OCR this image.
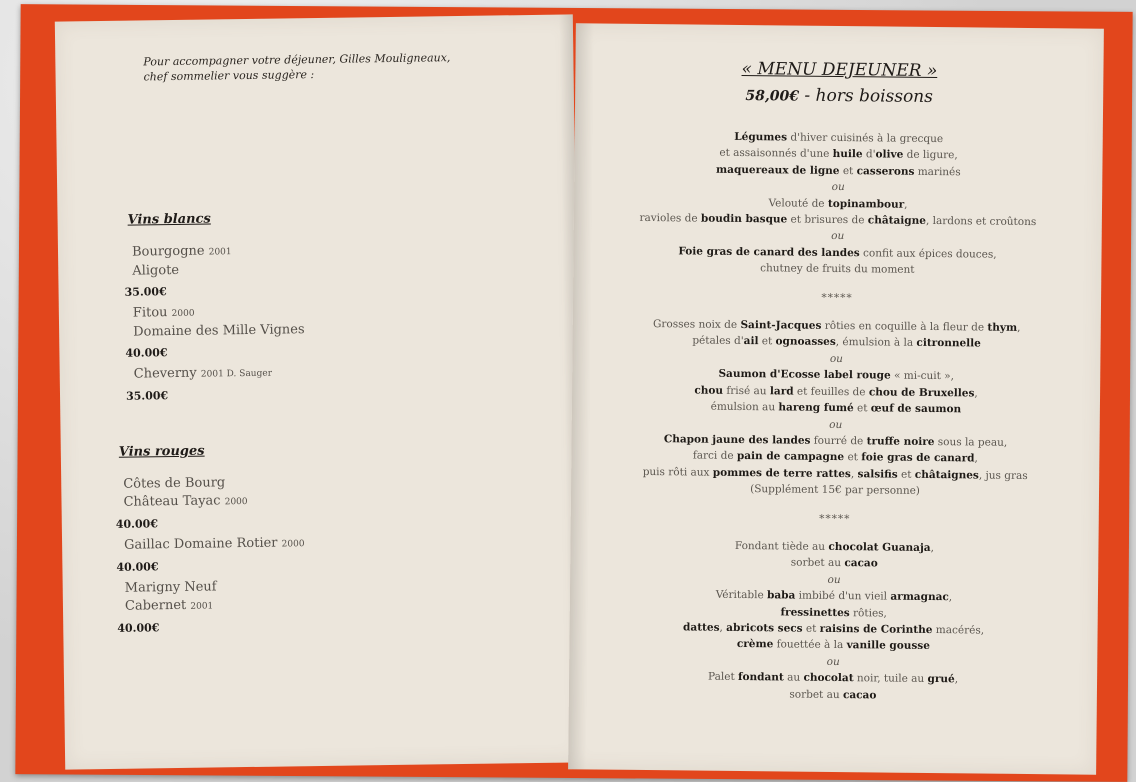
Pour accompagner votre déjeuner, Gilles Mouligneaux,
chef sommelier vous suggère :
Vins blancs
Bourgogne 2001
Aligote
35.00€
Fitou 2000
Domaine des Mille Vignes
40.00€
Cheverny 2001 D. Sauger
35.00€
Vins rouges
Côtes de Bourg
Château Tayac 2000
40.00€
Gaillac Domaine Rotier 2000
40.00€
Marigny Neuf
Cabernet 2001
40.00€
« MENU DEJEUNER »
58,00€ - hors boissons
Légumes d'hiver cuisinés à la grecque
et assaisonnés d'une huile d'olive de ligure,
maquereaux de ligne et casserons marinés
ou
Velouté de topinambour,
ravioles de boudin basque et brisures de châtaigne, lardons et croûtons
ou
Foie gras de canard des landes confit aux épices douces,
chutney de fruits du moment
*****
Grosses noix de Saint-Jacques rôties en coquille à la fleur de thym,
pétales d'ail et ognoasses, émulsion à la citronnelle
ou
Saumon d'Ecosse label rouge « mi-cuit »,
chou frisé au lard et feuilles de chou de Bruxelles,
émulsion au hareng fumé et œuf de saumon
ou
Chapon jaune des landes fourré de truffe noire sous la peau,
farci de pain de campagne et foie gras de canard,
puis rôti aux pommes de terre rattes, salsifis et châtaignes, jus gras
(Supplément 15€ par personne)
*****
Fondant tiède au chocolat Guanaja,
sorbet au cacao
ou
Véritable baba imbibé d'un vieil armagnac,
fressinettes rôties,
dattes, abricots secs et raisins de Corinthe macérés,
crème fouettée à la vanille gousse
ou
Palet fondant au chocolat noir, tuile au grué,
sorbet au cacao
